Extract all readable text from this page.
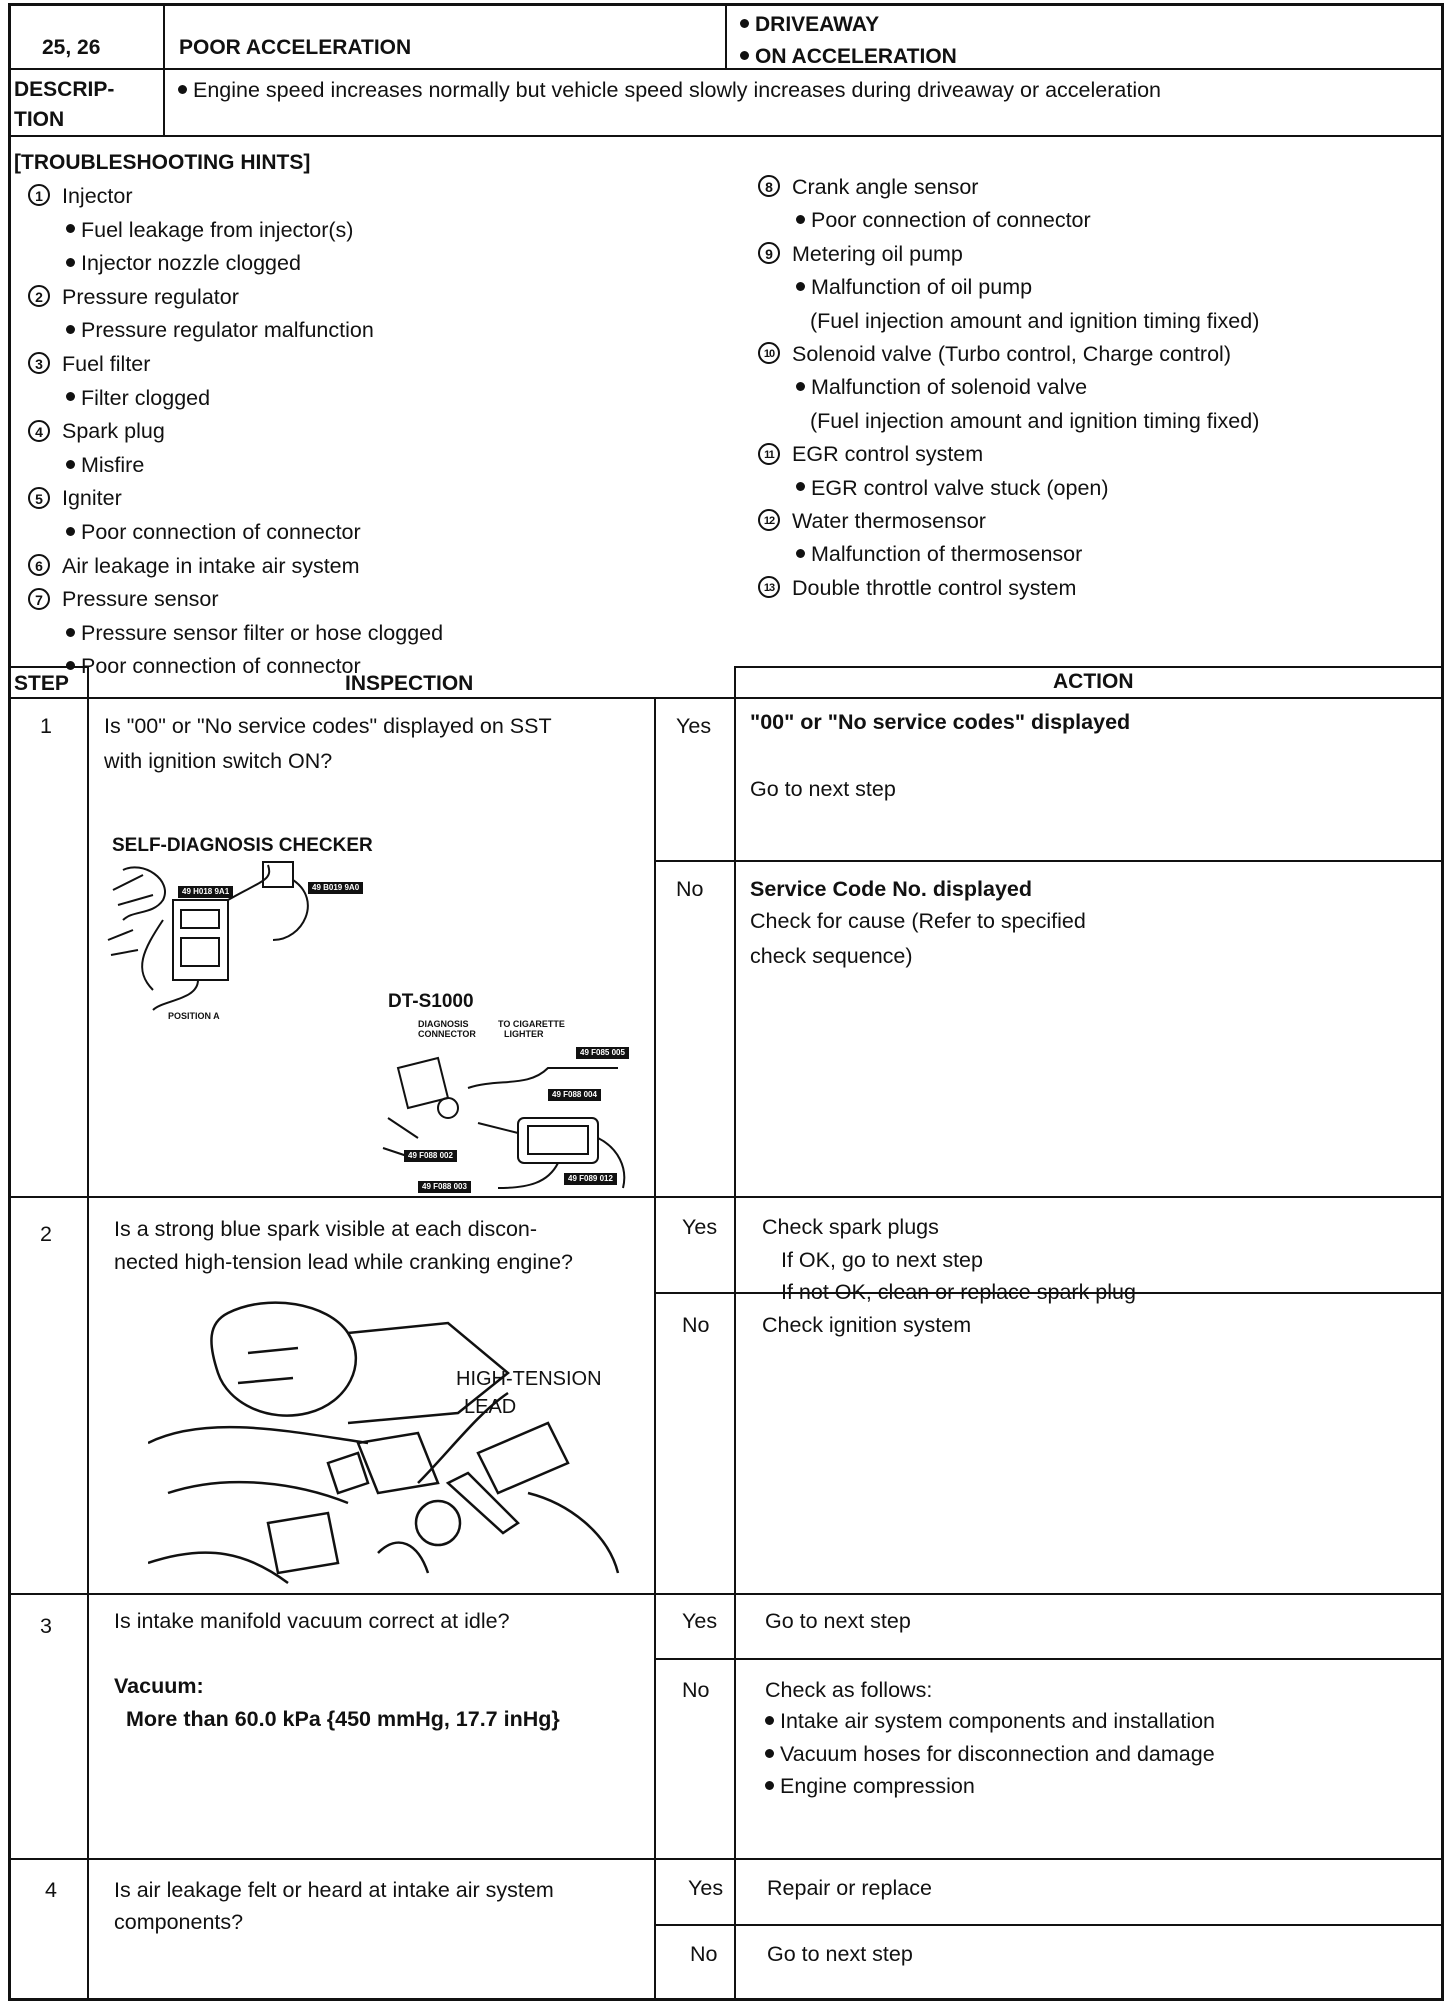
25, 26	POOR ACCELERATION
DRIVEAWAY
ON ACCELERATION
DESCRIP-
TION
Engine speed increases normally but vehicle speed slowly increases during driveaway or acceleration
[TROUBLESHOOTING HINTS]
1 Injector
Fuel leakage from injector(s)
Injector nozzle clogged
2 Pressure regulator
Pressure regulator malfunction
3 Fuel filter
Filter clogged
4 Spark plug
Misfire
5 Igniter
Poor connection of connector
6 Air leakage in intake air system
7 Pressure sensor
Pressure sensor filter or hose clogged
Poor connection of connector
8 Crank angle sensor
Poor connection of connector
9 Metering oil pump
Malfunction of oil pump
(Fuel injection amount and ignition timing fixed)
10 Solenoid valve (Turbo control, Charge control)
Malfunction of solenoid valve
(Fuel injection amount and ignition timing fixed)
11 EGR control system
EGR control valve stuck (open)
12 Water thermosensor
Malfunction of thermosensor
13 Double throttle control system
STEP	INSPECTION	ACTION
1 Is "00" or "No service codes" displayed on SST
with ignition switch ON?
Yes "00" or "No service codes" displayed
Go to next step
No Service Code No. displayed
Check for cause (Refer to specified
check sequence)
SELF-DIAGNOSIS CHECKER
DT-S1000
49 H018 9A1	49 B019 9A0
POSITION A
DIAGNOSIS
CONNECTOR
TO CIGARETTE
LIGHTER
49 F085 005
49 F088 004
49 F088 002
49 F088 003
49 F089 012
2	Is a strong blue spark visible at each discon-
nected high-tension lead while cranking engine?
Yes Check spark plugs
If OK, go to next step
If not OK, clean or replace spark plug
No Check ignition system
HIGH-TENSION
LEAD
3	Is intake manifold vacuum correct at idle?
Vacuum:
More than 60.0 kPa {450 mmHg, 17.7 inHg}
Yes Go to next step
No	Check as follows:
Intake air system components and installation
Vacuum hoses for disconnection and damage
Engine compression
4	Is air leakage felt or heard at intake air system
components?
Yes Repair or replace
No Go to next step
